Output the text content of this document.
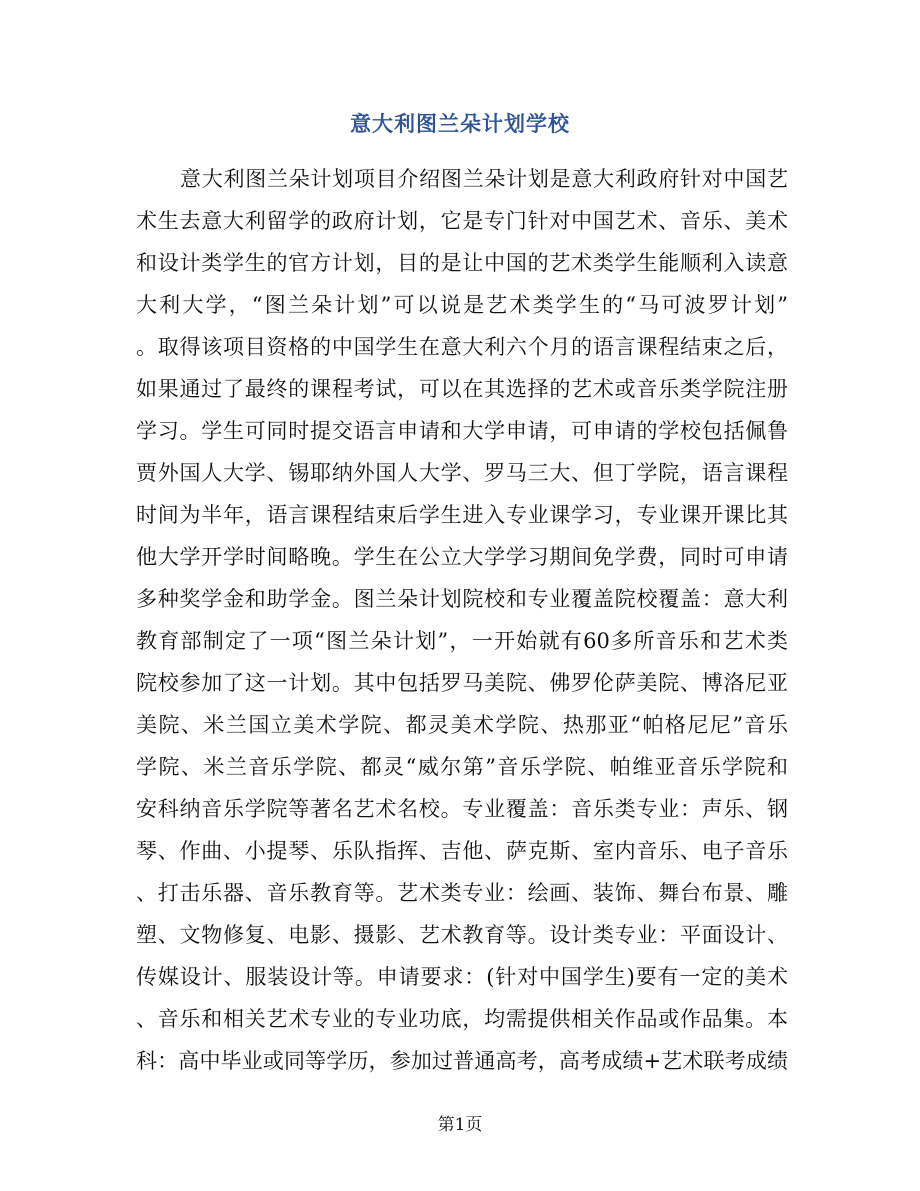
意大利图兰朵计划学校
意大利图兰朵计划项目介绍图兰朵计划是意大利政府针对中国艺
术生去意大利留学的政府计划，它是专门针对中国艺术、音乐、美术
和设计类学生的官方计划，目的是让中国的艺术类学生能顺利入读意
大利大学，“图兰朵计划”可以说是艺术类学生的“马可波罗计划”
。取得该项目资格的中国学生在意大利六个月的语言课程结束之后，
如果通过了最终的课程考试，可以在其选择的艺术或音乐类学院注册
学习。学生可同时提交语言申请和大学申请，可申请的学校包括佩鲁
贾外国人大学、锡耶纳外国人大学、罗马三大、但丁学院，语言课程
时间为半年，语言课程结束后学生进入专业课学习，专业课开课比其
他大学开学时间略晚。学生在公立大学学习期间免学费，同时可申请
多种奖学金和助学金。图兰朵计划院校和专业覆盖院校覆盖：意大利
教育部制定了一项“图兰朵计划”，一开始就有60多所音乐和艺术类
院校参加了这一计划。其中包括罗马美院、佛罗伦萨美院、博洛尼亚
美院、米兰国立美术学院、都灵美术学院、热那亚“帕格尼尼”音乐
学院、米兰音乐学院、都灵“威尔第”音乐学院、帕维亚音乐学院和
安科纳音乐学院等著名艺术名校。专业覆盖：音乐类专业：声乐、钢
琴、作曲、小提琴、乐队指挥、吉他、萨克斯、室内音乐、电子音乐
、打击乐器、音乐教育等。艺术类专业：绘画、装饰、舞台布景、雕
塑、文物修复、电影、摄影、艺术教育等。设计类专业：平面设计、
传媒设计、服装设计等。申请要求：(针对中国学生)要有一定的美术
、音乐和相关艺术专业的专业功底，均需提供相关作品或作品集。本
科：高中毕业或同等学历，参加过普通高考，高考成绩+艺术联考成绩
第1页
